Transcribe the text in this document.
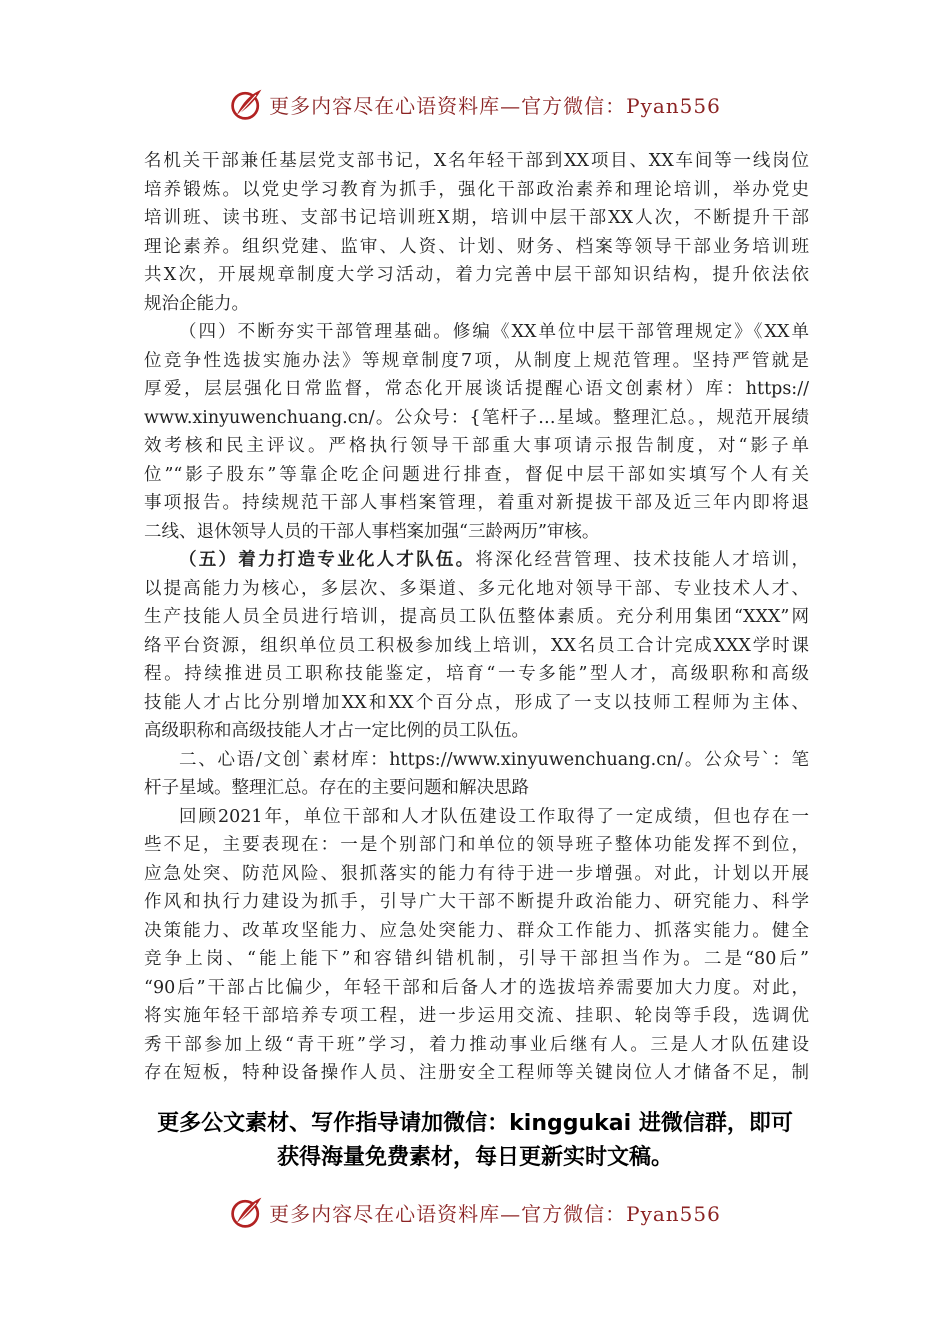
更多内容尽在心语资料库—官方微信：Pyan556
名机关干部兼任基层党支部书记，X名年轻干部到XX项目、XX车间等一线岗位
培养锻炼。以党史学习教育为抓手，强化干部政治素养和理论培训，举办党史
培训班、读书班、支部书记培训班X期，培训中层干部XX人次，不断提升干部
理论素养。组织党建、监审、人资、计划、财务、档案等领导干部业务培训班
共X次，开展规章制度大学习活动，着力完善中层干部知识结构，提升依法依
规治企能力。
（四）不断夯实干部管理基础。修编《XX单位中层干部管理规定》《XX单
位竞争性选拔实施办法》等规章制度7项，从制度上规范管理。坚持严管就是
厚爱，层层强化日常监督，常态化开展谈话提醒心语文创素材）库：https://
www.xinyuwenchuang.cn/。公众号：{笔杆子…星域。整理汇总。，规范开展绩
效考核和民主评议。严格执行领导干部重大事项请示报告制度，对“影子单
位”“影子股东”等靠企吃企问题进行排查，督促中层干部如实填写个人有关
事项报告。持续规范干部人事档案管理，着重对新提拔干部及近三年内即将退
二线、退休领导人员的干部人事档案加强“三龄两历”审核。
（五）着力打造专业化人才队伍。将深化经营管理、技术技能人才培训，
以提高能力为核心，多层次、多渠道、多元化地对领导干部、专业技术人才、
生产技能人员全员进行培训，提高员工队伍整体素质。充分利用集团“XXX”网
络平台资源，组织单位员工积极参加线上培训，XX名员工合计完成XXX学时课
程。持续推进员工职称技能鉴定，培育“一专多能”型人才，高级职称和高级
技能人才占比分别增加XX和XX个百分点，形成了一支以技师工程师为主体、
高级职称和高级技能人才占一定比例的员工队伍。
二、心语/文创`素材库：https://www.xinyuwenchuang.cn/。公众号`：笔
杆子星域。整理汇总。存在的主要问题和解决思路
回顾2021年，单位干部和人才队伍建设工作取得了一定成绩，但也存在一
些不足，主要表现在：一是个别部门和单位的领导班子整体功能发挥不到位，
应急处突、防范风险、狠抓落实的能力有待于进一步增强。对此，计划以开展
作风和执行力建设为抓手，引导广大干部不断提升政治能力、研究能力、科学
决策能力、改革攻坚能力、应急处突能力、群众工作能力、抓落实能力。健全
竞争上岗、“能上能下”和容错纠错机制，引导干部担当作为。二是“80后”
“90后”干部占比偏少，年轻干部和后备人才的选拔培养需要加大力度。对此，
将实施年轻干部培养专项工程，进一步运用交流、挂职、轮岗等手段，选调优
秀干部参加上级“青干班”学习，着力推动事业后继有人。三是人才队伍建设
存在短板，特种设备操作人员、注册安全工程师等关键岗位人才储备不足，制
更多公文素材、写作指导请加微信：kinggukai 进微信群，即可
获得海量免费素材，每日更新实时文稿。
更多内容尽在心语资料库—官方微信：Pyan556
